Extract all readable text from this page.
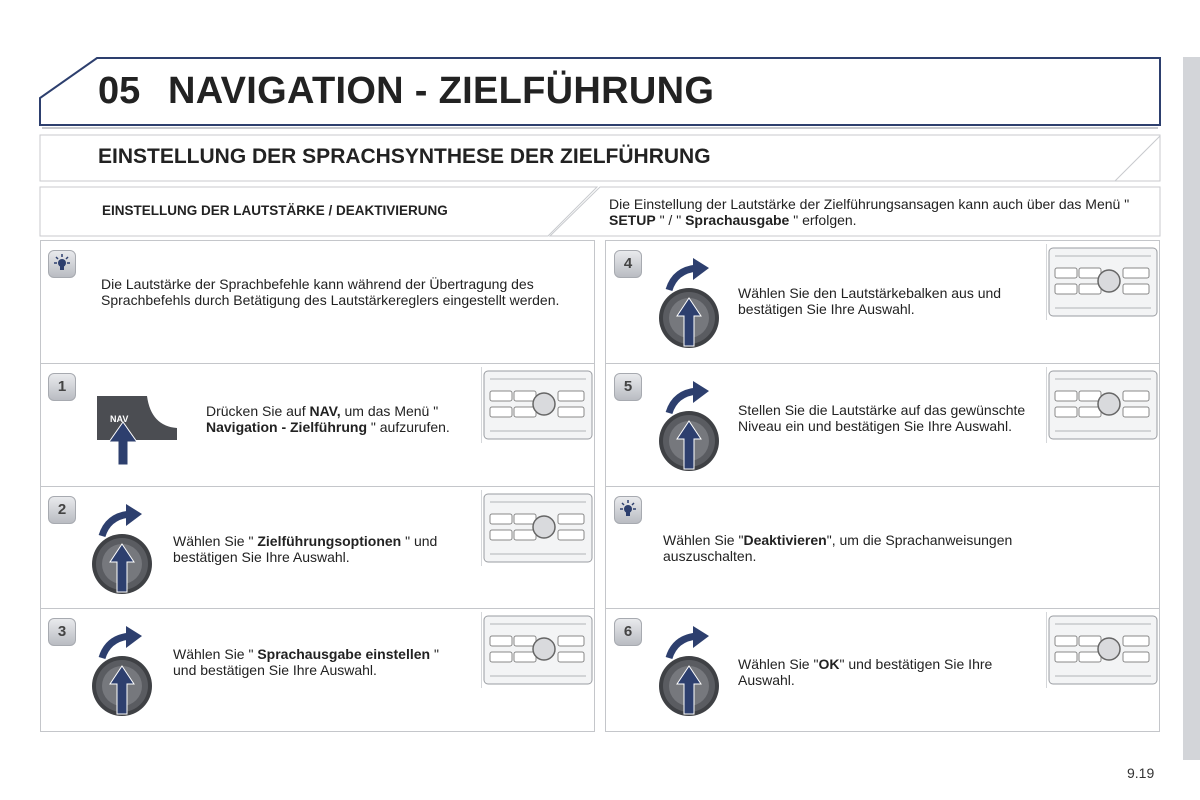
05 NAVIGATION - ZIELFÜHRUNG
EINSTELLUNG DER SPRACHSYNTHESE DER ZIELFÜHRUNG
EINSTELLUNG DER LAUTSTÄRKE / DEAKTIVIERUNG	Die Einstellung der Lautstärke der Zielführungsansagen kann auch über das Menü " SETUP " / " Sprachausgabe " erfolgen.
Die Lautstärke der Sprachbefehle kann während der Übertragung des Sprachbefehls durch Betätigung des Lautstärkereglers eingestellt werden.
1
NAV	Drücken Sie auf NAV, um das Menü " Navigation - Zielführung " aufzurufen.
2
Wählen Sie " Zielführungsoptionen " und bestätigen Sie Ihre Auswahl.
3
Wählen Sie " Sprachausgabe einstellen " und bestätigen Sie Ihre Auswahl.
4
Wählen Sie den Lautstärkebalken aus und bestätigen Sie Ihre Auswahl.
5
Stellen Sie die Lautstärke auf das gewünschte Niveau ein und bestätigen Sie Ihre Auswahl.
Wählen Sie "Deaktivieren", um die Sprachanweisungen auszuschalten.
6
Wählen Sie "OK" und bestätigen Sie Ihre Auswahl.
9.19
